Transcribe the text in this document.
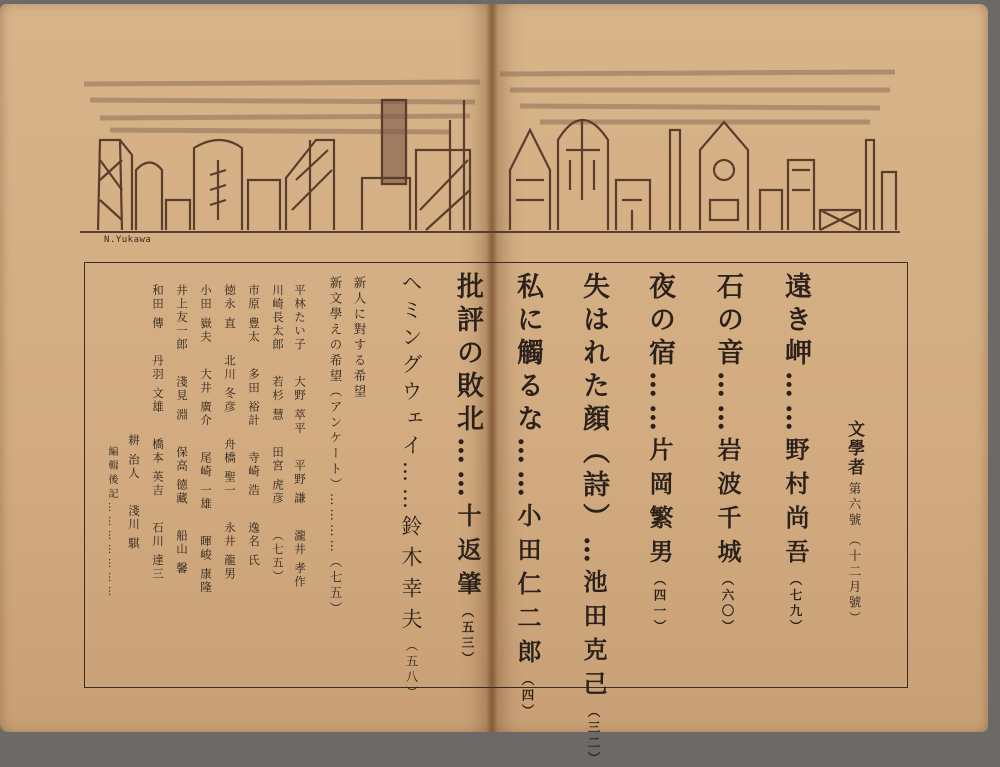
N.Yukawa
文學者 第六號 （十二月號）
遠き岬……野村尚吾（七九）
石の音……岩波千城（六〇）
夜の宿……片岡繁男（四一）
失はれた顔（詩）…池田克己（三二）
私に觸るな……小田仁二郎（四）
批評の敗北……十返肇（五三）
ヘミングウェイ……鈴木幸夫（五八）
新人に對する希望
新文學えの希望（アンケート）…………（七五）
平林たい子大野 萃平平野 謙瀧井 孝作
川崎長太郎若杉 慧田宮 虎彦（七五）
市原 豊太多田 裕計寺崎 浩逸名 氏
徳永 直北川 冬彦舟橋 聖一永井 龍男
小田 嶽夫大井 廣介尾崎 一雄暉峻 康隆
井上友一郎淺見 淵保高 德藏船山 馨
和田 傳丹羽 文雄橋本 英吉石川 達三
耕 治人淺川 騏
編輯後記…………………
